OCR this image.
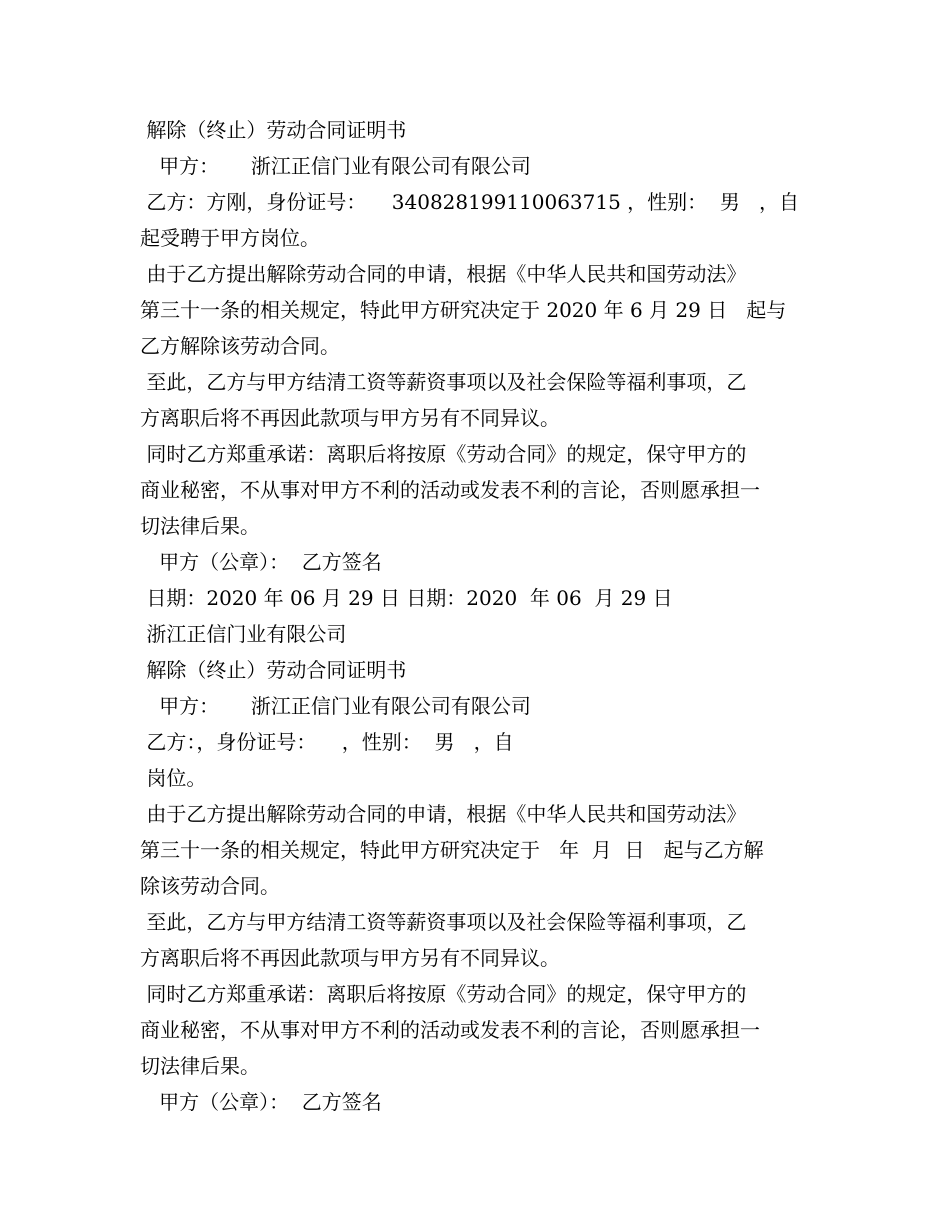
解除（终止）劳动合同证明书
甲方：     浙江正信门业有限公司有限公司
乙方：方刚，身份证号：    340828199110063715 ，性别：  男   ，自
起受聘于甲方岗位。
由于乙方提出解除劳动合同的申请，根据《中华人民共和国劳动法》
第三十一条的相关规定，特此甲方研究决定于 2020 年 6 月 29 日   起与
乙方解除该劳动合同。
至此，乙方与甲方结清工资等薪资事项以及社会保险等福利事项，乙
方离职后将不再因此款项与甲方另有不同异议。
同时乙方郑重承诺：离职后将按原《劳动合同》的规定，保守甲方的
商业秘密，不从事对甲方不利的活动或发表不利的言论，否则愿承担一
切法律后果。
甲方（公章）：  乙方签名
日期：2020 年 06 月 29 日 日期：2020  年 06  月 29 日
浙江正信门业有限公司
解除（终止）劳动合同证明书
甲方：     浙江正信门业有限公司有限公司
乙方：，身份证号：    ，性别：  男   ，自
岗位。
由于乙方提出解除劳动合同的申请，根据《中华人民共和国劳动法》
第三十一条的相关规定，特此甲方研究决定于   年  月  日   起与乙方解
除该劳动合同。
至此，乙方与甲方结清工资等薪资事项以及社会保险等福利事项，乙
方离职后将不再因此款项与甲方另有不同异议。
同时乙方郑重承诺：离职后将按原《劳动合同》的规定，保守甲方的
商业秘密，不从事对甲方不利的活动或发表不利的言论，否则愿承担一
切法律后果。
甲方（公章）：  乙方签名
